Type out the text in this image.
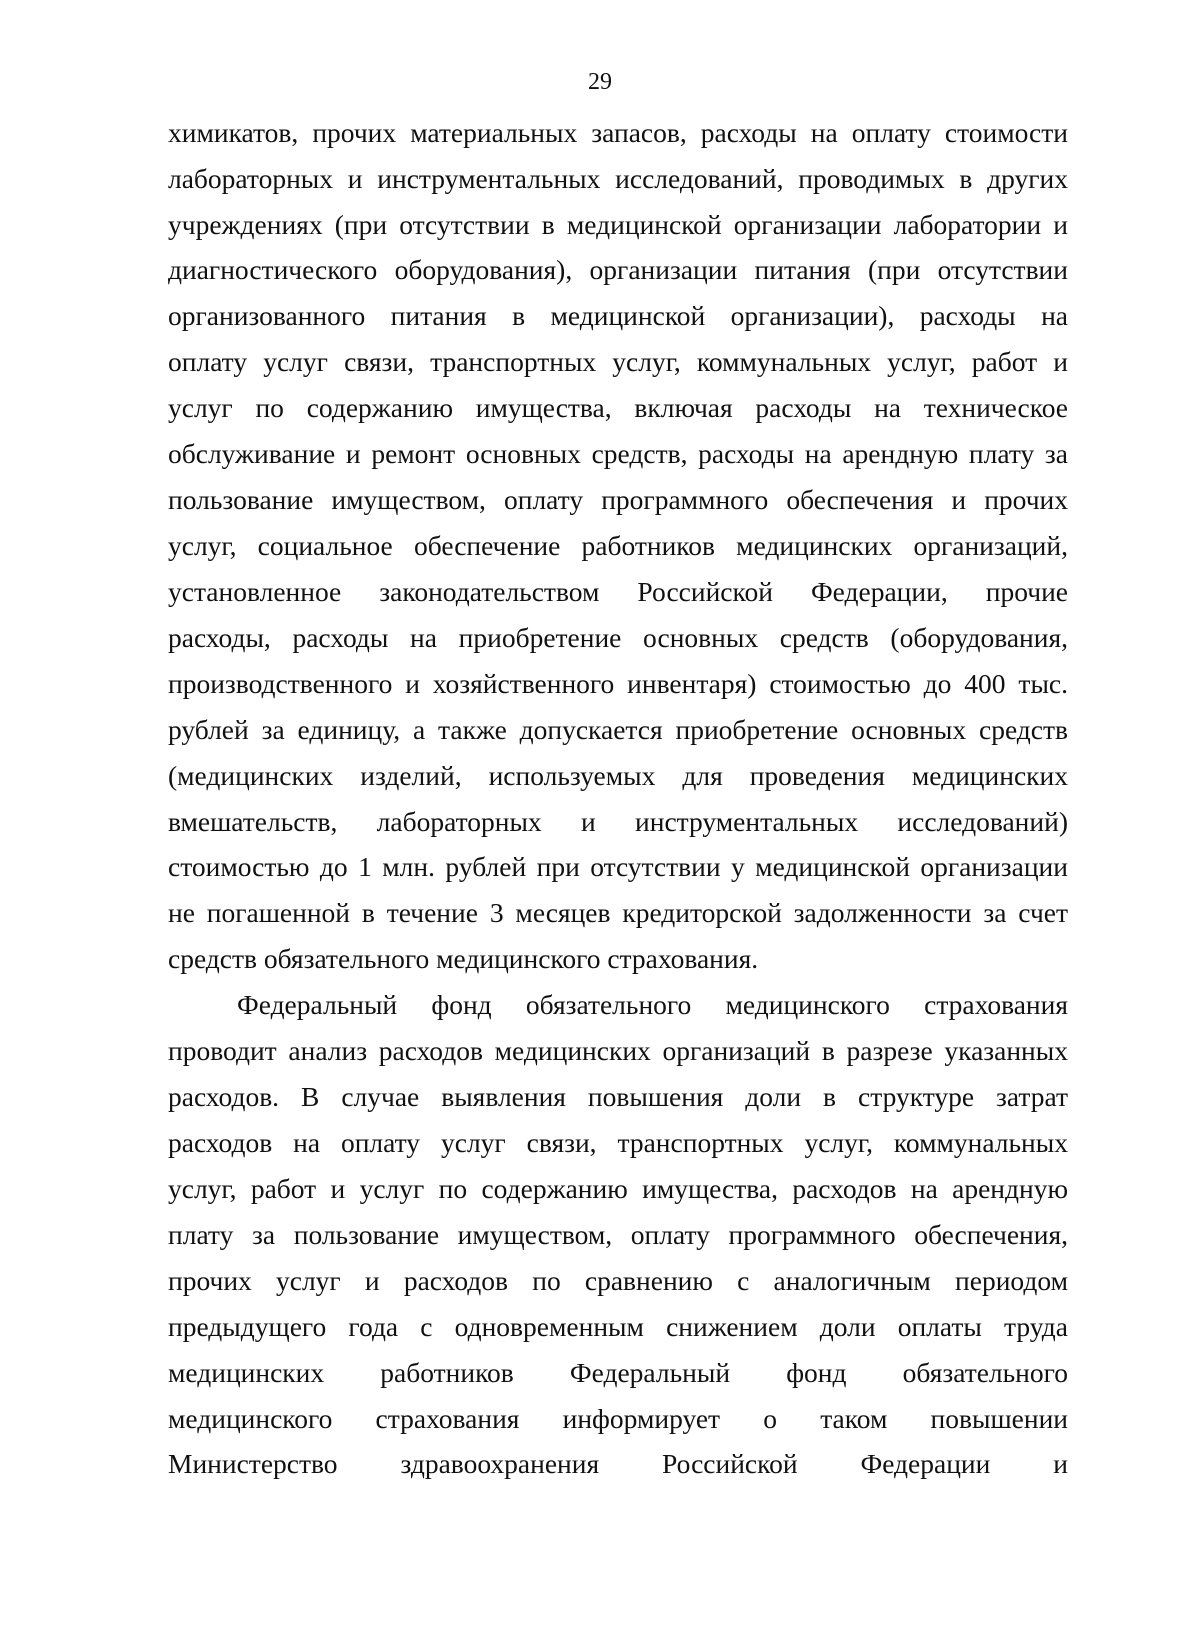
29
химикатов, прочих материальных запасов, расходы на оплату стоимости
лабораторных и инструментальных исследований, проводимых в других
учреждениях (при отсутствии в медицинской организации лаборатории и
диагностического оборудования), организации питания (при отсутствии
организованного питания в медицинской организации), расходы на
оплату услуг связи, транспортных услуг, коммунальных услуг, работ и
услуг по содержанию имущества, включая расходы на техническое
обслуживание и ремонт основных средств, расходы на арендную плату за
пользование имуществом, оплату программного обеспечения и прочих
услуг, социальное обеспечение работников медицинских организаций,
установленное законодательством Российской Федерации, прочие
расходы, расходы на приобретение основных средств (оборудования,
производственного и хозяйственного инвентаря) стоимостью до 400 тыс.
рублей за единицу, а также допускается приобретение основных средств
(медицинских изделий, используемых для проведения медицинских
вмешательств, лабораторных и инструментальных исследований)
стоимостью до 1 млн. рублей при отсутствии у медицинской организации
не погашенной в течение 3 месяцев кредиторской задолженности за счет
средств обязательного медицинского страхования.
Федеральный фонд обязательного медицинского страхования
проводит анализ расходов медицинских организаций в разрезе указанных
расходов. В случае выявления повышения доли в структуре затрат
расходов на оплату услуг связи, транспортных услуг, коммунальных
услуг, работ и услуг по содержанию имущества, расходов на арендную
плату за пользование имуществом, оплату программного обеспечения,
прочих услуг и расходов по сравнению с аналогичным периодом
предыдущего года с одновременным снижением доли оплаты труда
медицинских работников Федеральный фонд обязательного
медицинского страхования информирует о таком повышении
Министерство здравоохранения Российской Федерации и
